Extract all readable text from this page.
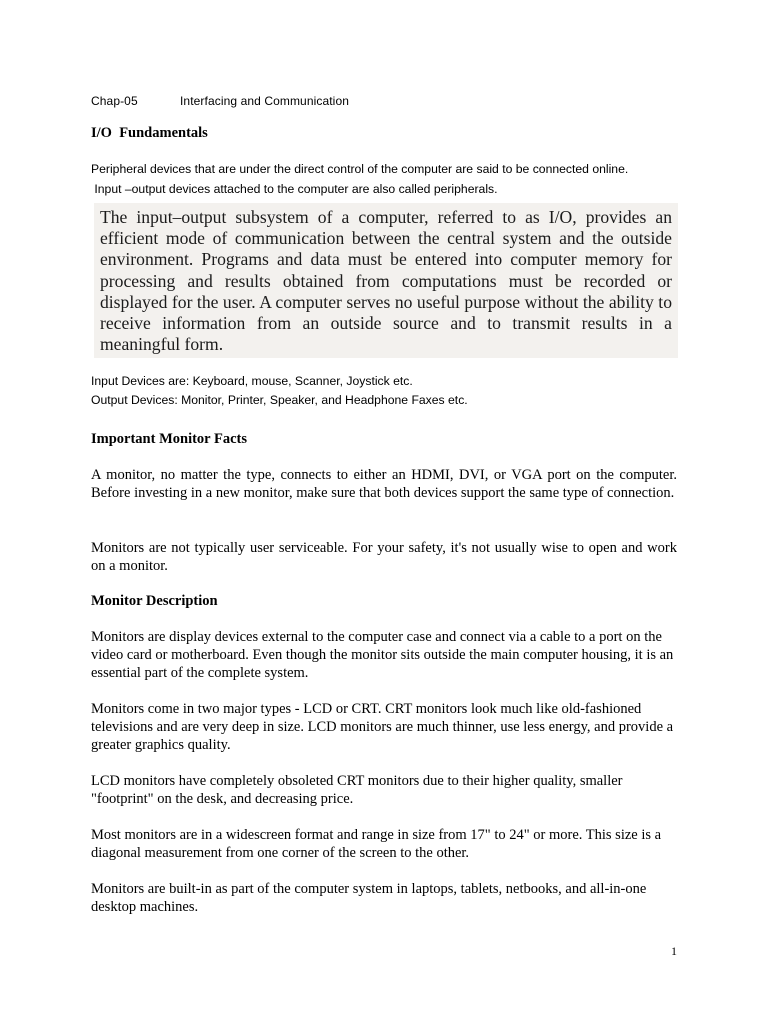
Chap-05	Interfacing and Communication
I/O  Fundamentals
Peripheral devices that are under the direct control of the computer are said to be connected online.
Input –output devices attached to the computer are also called peripherals.

The input–output subsystem of a computer, referred to as I/O, provides an efficient mode of communication between the central system and the outside environment. Programs and data must be entered into computer memory for processing and results obtained from computations must be recorded or displayed for the user. A computer serves no useful purpose without the ability to receive information from an outside source and to transmit results in a meaningful form.

Input Devices are: Keyboard, mouse, Scanner, Joystick etc.
Output Devices: Monitor, Printer, Speaker, and Headphone Faxes etc.
Important Monitor Facts

A monitor, no matter the type, connects to either an HDMI, DVI, or VGA port on the computer. Before investing in a new monitor, make sure that both devices support the same type of connection.

Monitors are not typically user serviceable. For your safety, it's not usually wise to open and work on a monitor.

Monitor Description

Monitors are display devices external to the computer case and connect via a cable to a port on the video card or motherboard. Even though the monitor sits outside the main computer housing, it is an essential part of the complete system.

Monitors come in two major types - LCD or CRT. CRT monitors look much like old-fashioned televisions and are very deep in size. LCD monitors are much thinner, use less energy, and provide a greater graphics quality.

LCD monitors have completely obsoleted CRT monitors due to their higher quality, smaller "footprint" on the desk, and decreasing price.

Most monitors are in a widescreen format and range in size from 17" to 24" or more. This size is a diagonal measurement from one corner of the screen to the other.

Monitors are built-in as part of the computer system in laptops, tablets, netbooks, and all-in-one desktop machines.

1
